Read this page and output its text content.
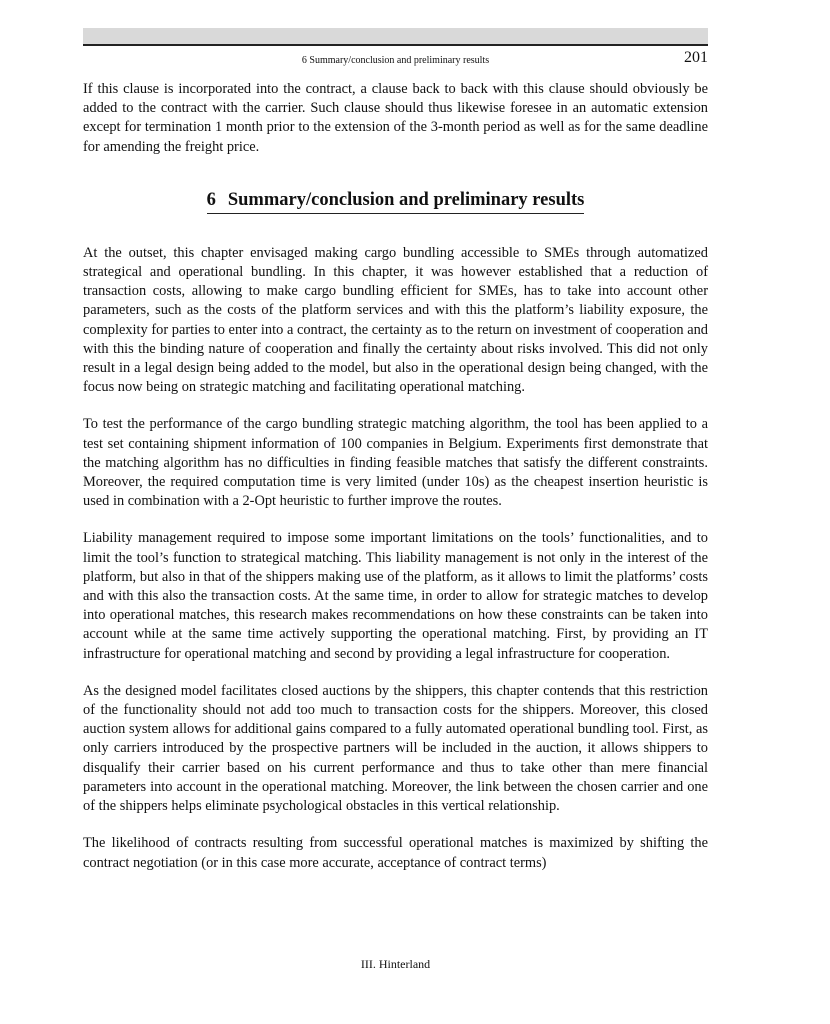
6 Summary/conclusion and preliminary results	201

If this clause is incorporated into the contract, a clause back to back with this clause should obviously be added to the contract with the carrier. Such clause should thus likewise foresee in an automatic extension except for termination 1 month prior to the extension of the 3-month period as well as for the same deadline for amending the freight price.

6 Summary/conclusion and preliminary results

At the outset, this chapter envisaged making cargo bundling accessible to SMEs through automatized strategical and operational bundling. In this chapter, it was however established that a reduction of transaction costs, allowing to make cargo bundling efficient for SMEs, has to take into account other parameters, such as the costs of the platform services and with this the platform’s liability exposure, the complexity for parties to enter into a contract, the certainty as to the return on investment of cooperation and with this the binding nature of cooperation and finally the certainty about risks involved. This did not only result in a legal design being added to the model, but also in the operational design being changed, with the focus now being on strategic matching and facilitating operational matching.

To test the performance of the cargo bundling strategic matching algorithm, the tool has been applied to a test set containing shipment information of 100 companies in Belgium. Experiments first demonstrate that the matching algorithm has no difficulties in finding feasible matches that satisfy the different constraints. Moreover, the required computation time is very limited (under 10s) as the cheapest insertion heuristic is used in combination with a 2-Opt heuristic to further improve the routes.

Liability management required to impose some important limitations on the tools’ functionalities, and to limit the tool’s function to strategical matching. This liability management is not only in the interest of the platform, but also in that of the shippers making use of the platform, as it allows to limit the platforms’ costs and with this also the transaction costs. At the same time, in order to allow for strategic matches to develop into operational matches, this research makes recommendations on how these constraints can be taken into account while at the same time actively supporting the operational matching. First, by providing an IT infrastructure for operational matching and second by providing a legal infrastructure for cooperation.

As the designed model facilitates closed auctions by the shippers, this chapter contends that this restriction of the functionality should not add too much to transaction costs for the shippers. Moreover, this closed auction system allows for additional gains compared to a fully automated operational bundling tool. First, as only carriers introduced by the prospective partners will be included in the auction, it allows shippers to disqualify their carrier based on his current performance and thus to take other than mere financial parameters into account in the operational matching. Moreover, the link between the chosen carrier and one of the shippers helps eliminate psychological obstacles in this vertical relationship.

The likelihood of contracts resulting from successful operational matches is maximized by shifting the contract negotiation (or in this case more accurate, acceptance of contract terms)

III. Hinterland
